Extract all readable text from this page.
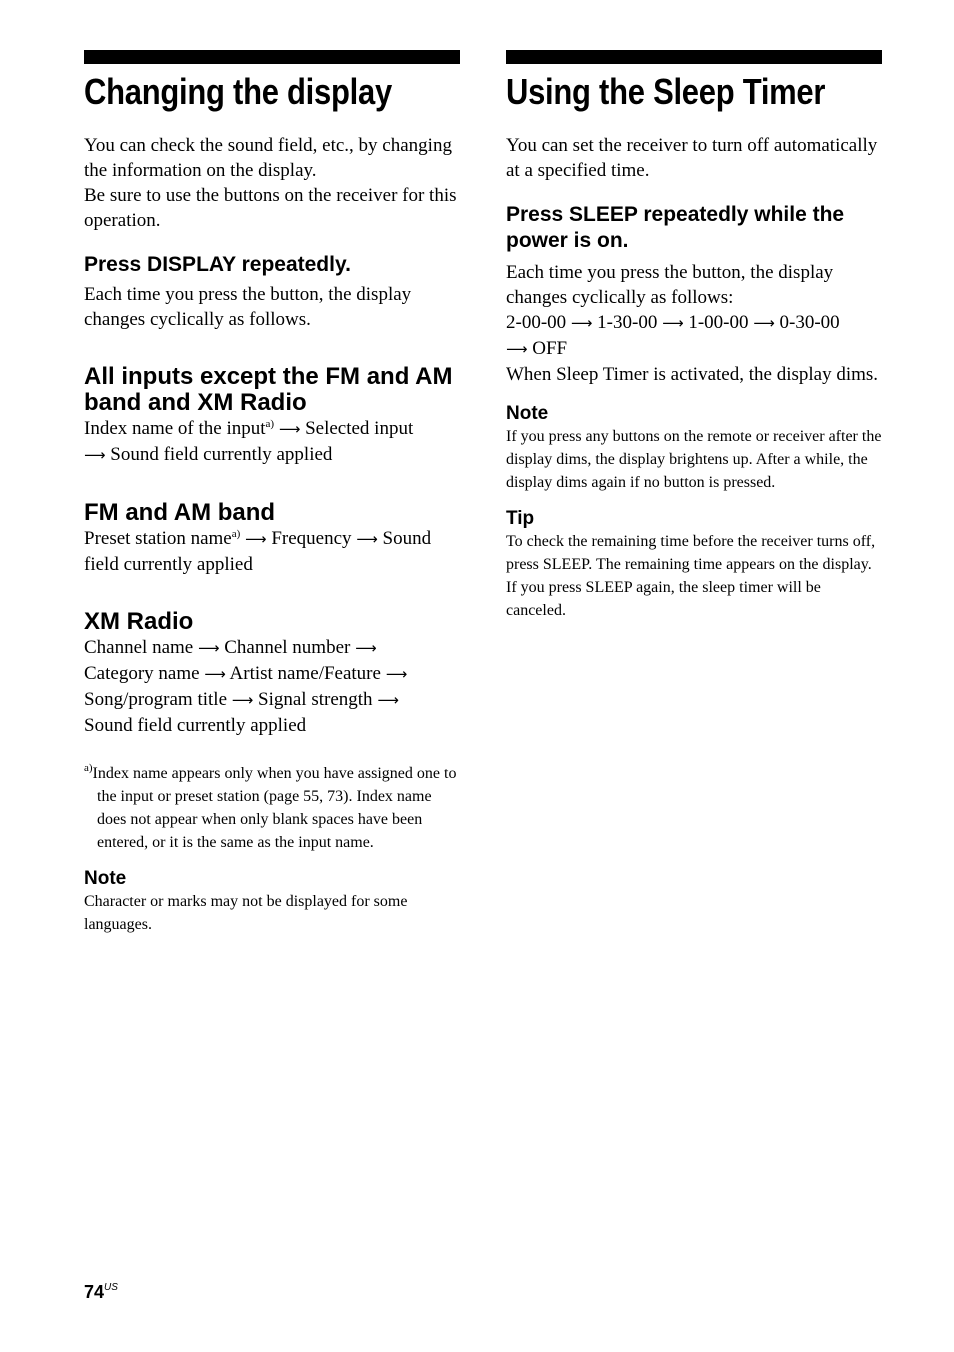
Changing the display

You can check the sound field, etc., by changing the information on the display.

Be sure to use the buttons on the receiver for this operation.

Press DISPLAY repeatedly.

Each time you press the button, the display changes cyclically as follows.

All inputs except the FM and AM band and XM Radio

Index name of the input$^{a)}$ ⟶ Selected input
⟶ Sound field currently applied

FM and AM band

Preset station name$^{a)}$ ⟶ Frequency ⟶ Sound field currently applied

XM Radio

Channel name ⟶ Channel number ⟶
Category name ⟶ Artist name/Feature ⟶
Song/program title ⟶ Signal strength ⟶
Sound field currently applied

$^{a)}$Index name appears only when you have assigned one to the input or preset station (page 55, 73). Index name does not appear when only blank spaces have been entered, or it is the same as the input name.

Note

Character or marks may not be displayed for some languages.

Using the Sleep Timer

You can set the receiver to turn off automatically at a specified time.

Press SLEEP repeatedly while the power is on.

Each time you press the button, the display changes cyclically as follows:

2-00-00 ⟶ 1-30-00 ⟶ 1-00-00 ⟶ 0-30-00
⟶ OFF

When Sleep Timer is activated, the display dims.

Note

If you press any buttons on the remote or receiver after the display dims, the display brightens up. After a while, the display dims again if no button is pressed.

Tip

To check the remaining time before the receiver turns off, press SLEEP. The remaining time appears on the display. If you press SLEEP again, the sleep timer will be canceled.

$74^{US}$
